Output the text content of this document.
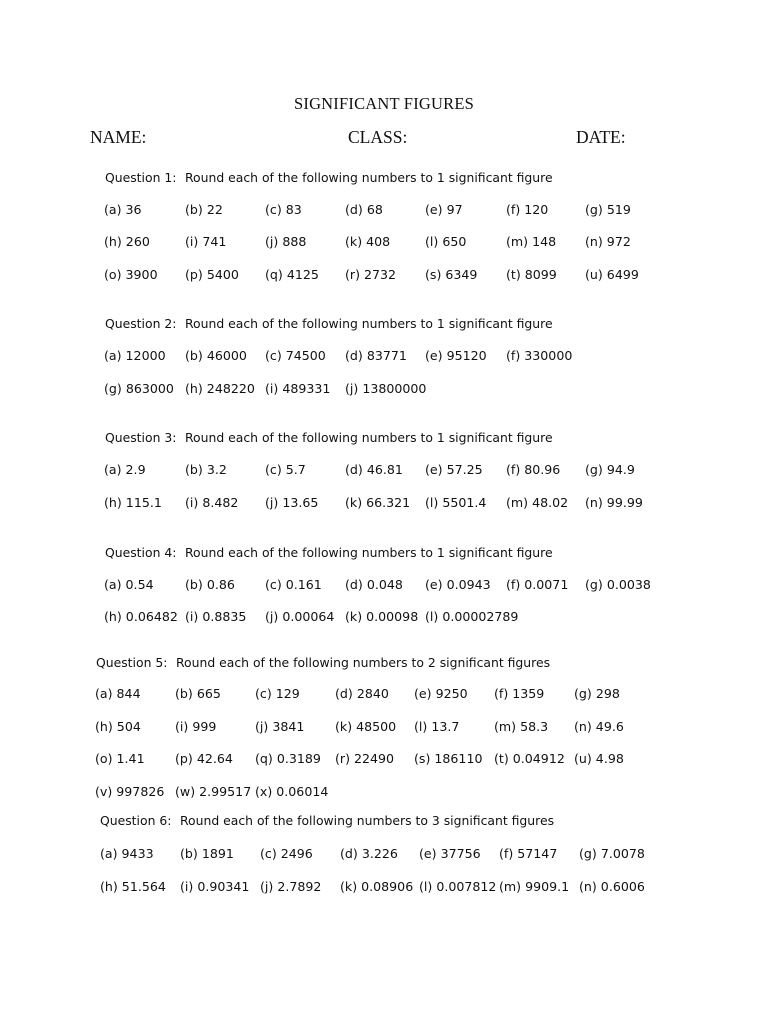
SIGNIFICANT FIGURES
NAME:	CLASS:	DATE:
Question 1: Round each of the following numbers to 1 significant figure
(a) 36	(b) 22	(c) 83	(d) 68	(e) 97	(f) 120	(g) 519
(h) 260	(i) 741	(j) 888	(k) 408	(l) 650	(m) 148 (n) 972
(o) 3900 (p) 5400 (q) 4125 (r) 2732 (s) 6349 (t) 8099 (u) 6499
Question 2: Round each of the following numbers to 1 significant figure
(a) 12000 (b) 46000 (c) 74500 (d) 83771 (e) 95120 (f) 330000
(g) 863000 (h) 248220 (i) 489331 (j) 13800000
Question 3: Round each of the following numbers to 1 significant figure
(a) 2.9	(b) 3.2	(c) 5.7	(d) 46.81 (e) 57.25 (f) 80.96 (g) 94.9
(h) 115.1 (i) 8.482 (j) 13.65 (k) 66.321 (l) 5501.4 (m) 48.02 (n) 99.99
Question 4: Round each of the following numbers to 1 significant figure
(a) 0.54 (b) 0.86 (c) 0.161 (d) 0.048 (e) 0.0943 (f) 0.0071 (g) 0.0038
(h) 0.06482 (i) 0.8835 (j) 0.00064 (k) 0.00098 (l) 0.00002789
Question 5: Round each of the following numbers to 2 significant figures
(a) 844	(b) 665	(c) 129	(d) 2840 (e) 9250 (f) 1359 (g) 298
(h) 504	(i) 999	(j) 3841 (k) 48500 (l) 13.7	(m) 58.3 (n) 49.6
(o) 1.41 (p) 42.64 (q) 0.3189 (r) 22490 (s) 186110 (t) 0.04912 (u) 4.98
(v) 997826 (w) 2.99517 (x) 0.06014
Question 6: Round each of the following numbers to 3 significant figures
(a) 9433 (b) 1891 (c) 2496 (d) 3.226 (e) 37756 (f) 57147 (g) 7.0078
(h) 51.564 (i) 0.90341 (j) 2.7892 (k) 0.08906 (l) 0.007812 (m) 9909.1 (n) 0.6006
